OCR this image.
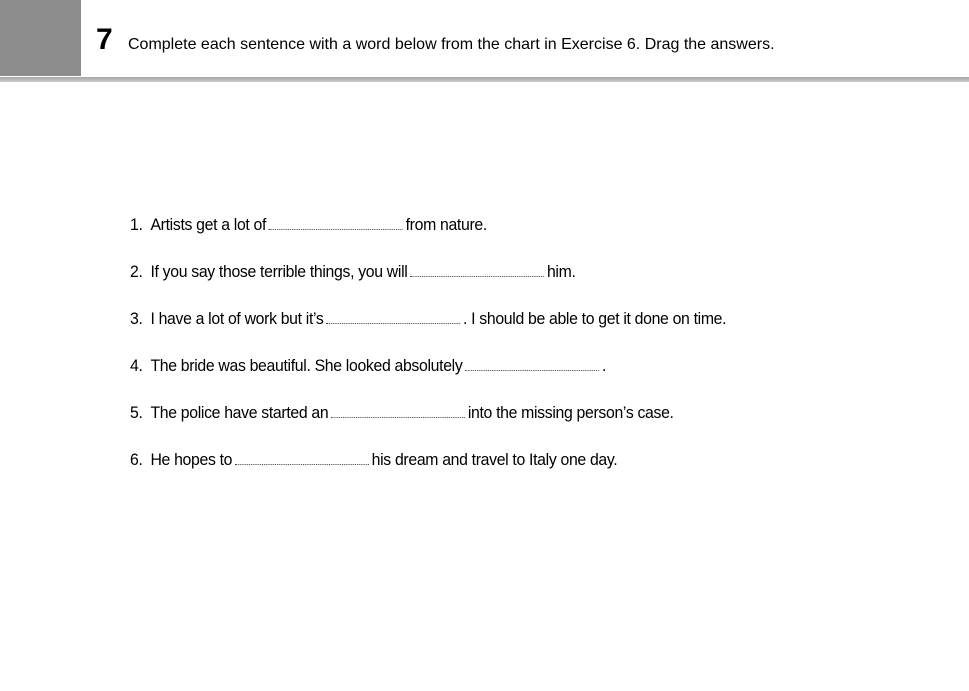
7 Complete each sentence with a word below from the chart in Exercise 6. Drag the answers.
1. Artists get a lot of	from nature.
2. If you say those terrible things, you will	him.
3. I have a lot of work but it’s	. I should be able to get it done on time.
4. The bride was beautiful. She looked absolutely	.
5. The police have started an	into the missing person’s case.
6. He hopes to	his dream and travel to Italy one day.
